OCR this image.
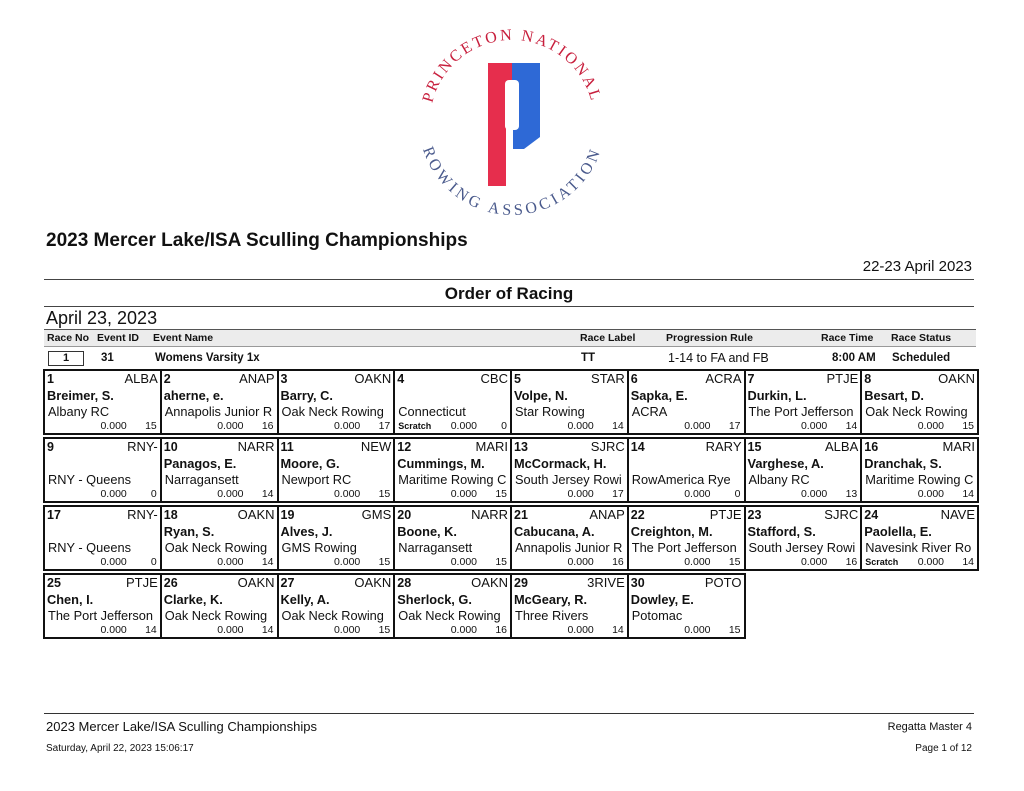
PRINCETON NATIONAL
ROWING ASSOCIATION
2023 Mercer Lake/ISA Sculling Championships
22-23 April 2023
Order of Racing
April 23, 2023
Race No Event ID Event Name	Race Label	Progression Rule	Race Time Race Status
1	31	Womens Varsity 1x	TT	1-14 to FA and FB	8:00 AM Scheduled
1	ALBA
Breimer, S.
Albany RC
0.000	15
2	ANAP
aherne, e.
Annapolis Junior R
0.000	16
3	OAKN
Barry, C.
Oak Neck Rowing
0.000	17
4	CBC
Connecticut
Scratch	0.000	0
5	STAR
Volpe, N.
Star Rowing
0.000	14
6	ACRA
Sapka, E.
ACRA
0.000	17
7	PTJE
Durkin, L.
The Port Jefferson
0.000	14
8	OAKN
Besart, D.
Oak Neck Rowing
0.000	15
9	RNY-
RNY - Queens
0.000	0
10	NARR
Panagos, E.
Narragansett
0.000	14
11	NEW
Moore, G.
Newport RC
0.000	15
12	MARI
Cummings, M.
Maritime Rowing C
0.000	15
13	SJRC
McCormack, H.
South Jersey Rowi
0.000	17
14	RARY
RowAmerica Rye
0.000	0
15	ALBA
Varghese, A.
Albany RC
0.000	13
16	MARI
Dranchak, S.
Maritime Rowing C
0.000	14
17	RNY-
RNY - Queens
0.000	0
18	OAKN
Ryan, S.
Oak Neck Rowing
0.000	14
19	GMS
Alves, J.
GMS Rowing
0.000	15
20	NARR
Boone, K.
Narragansett
0.000	15
21	ANAP
Cabucana, A.
Annapolis Junior R
0.000	16
22	PTJE
Creighton, M.
The Port Jefferson
0.000	15
23	SJRC
Stafford, S.
South Jersey Rowi
0.000	16
24	NAVE
Paolella, E.
Navesink River Ro
Scratch	0.000	14
25	PTJE
Chen, I.
The Port Jefferson
0.000	14
26	OAKN
Clarke, K.
Oak Neck Rowing
0.000	14
27	OAKN
Kelly, A.
Oak Neck Rowing
0.000	15
28	OAKN
Sherlock, G.
Oak Neck Rowing
0.000	16
29	3RIVE
McGeary, R.
Three Rivers
0.000	14
30	POTO
Dowley, E.
Potomac
0.000	15
2023 Mercer Lake/ISA Sculling Championships	Regatta Master 4
Saturday, April 22, 2023 15:06:17	Page 1 of 12
